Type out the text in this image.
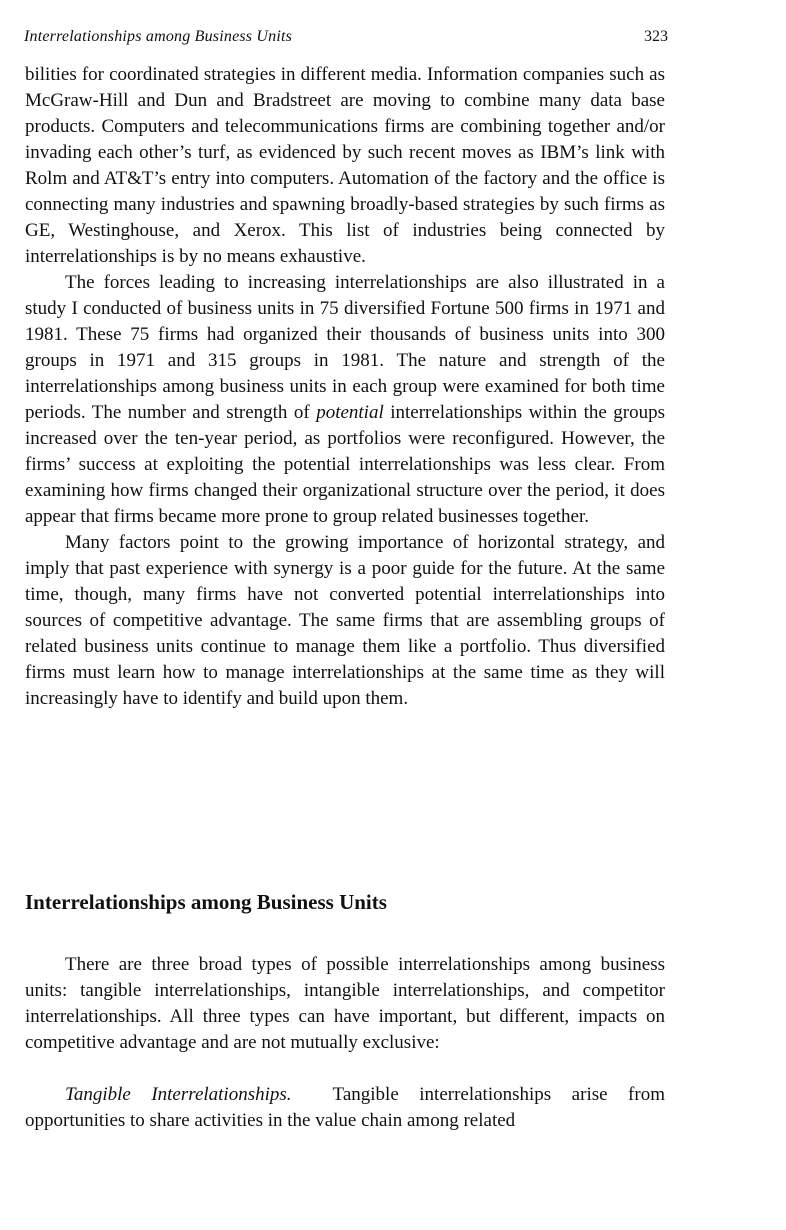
Interrelationships among Business Units	323

bilities for coordinated strategies in different media. Information companies such as McGraw-Hill and Dun and Bradstreet are moving to combine many data base products. Computers and telecommunications firms are combining together and/or invading each other’s turf, as evidenced by such recent moves as IBM’s link with Rolm and AT&T’s entry into computers. Automation of the factory and the office is connecting many industries and spawning broadly-based strategies by such firms as GE, Westinghouse, and Xerox. This list of industries being connected by interrelationships is by no means exhaustive.

The forces leading to increasing interrelationships are also illustrated in a study I conducted of business units in 75 diversified Fortune 500 firms in 1971 and 1981. These 75 firms had organized their thousands of business units into 300 groups in 1971 and 315 groups in 1981. The nature and strength of the interrelationships among business units in each group were examined for both time periods. The number and strength of potential interrelationships within the groups increased over the ten-year period, as portfolios were reconfigured. However, the firms’ success at exploiting the potential interrelationships was less clear. From examining how firms changed their organizational structure over the period, it does appear that firms became more prone to group related businesses together.

Many factors point to the growing importance of horizontal strategy, and imply that past experience with synergy is a poor guide for the future. At the same time, though, many firms have not converted potential interrelationships into sources of competitive advantage. The same firms that are assembling groups of related business units continue to manage them like a portfolio. Thus diversified firms must learn how to manage interrelationships at the same time as they will increasingly have to identify and build upon them.

Interrelationships among Business Units

There are three broad types of possible interrelationships among business units: tangible interrelationships, intangible interrelationships, and competitor interrelationships. All three types can have important, but different, impacts on competitive advantage and are not mutually exclusive:

Tangible Interrelationships. Tangible interrelationships arise from opportunities to share activities in the value chain among related
